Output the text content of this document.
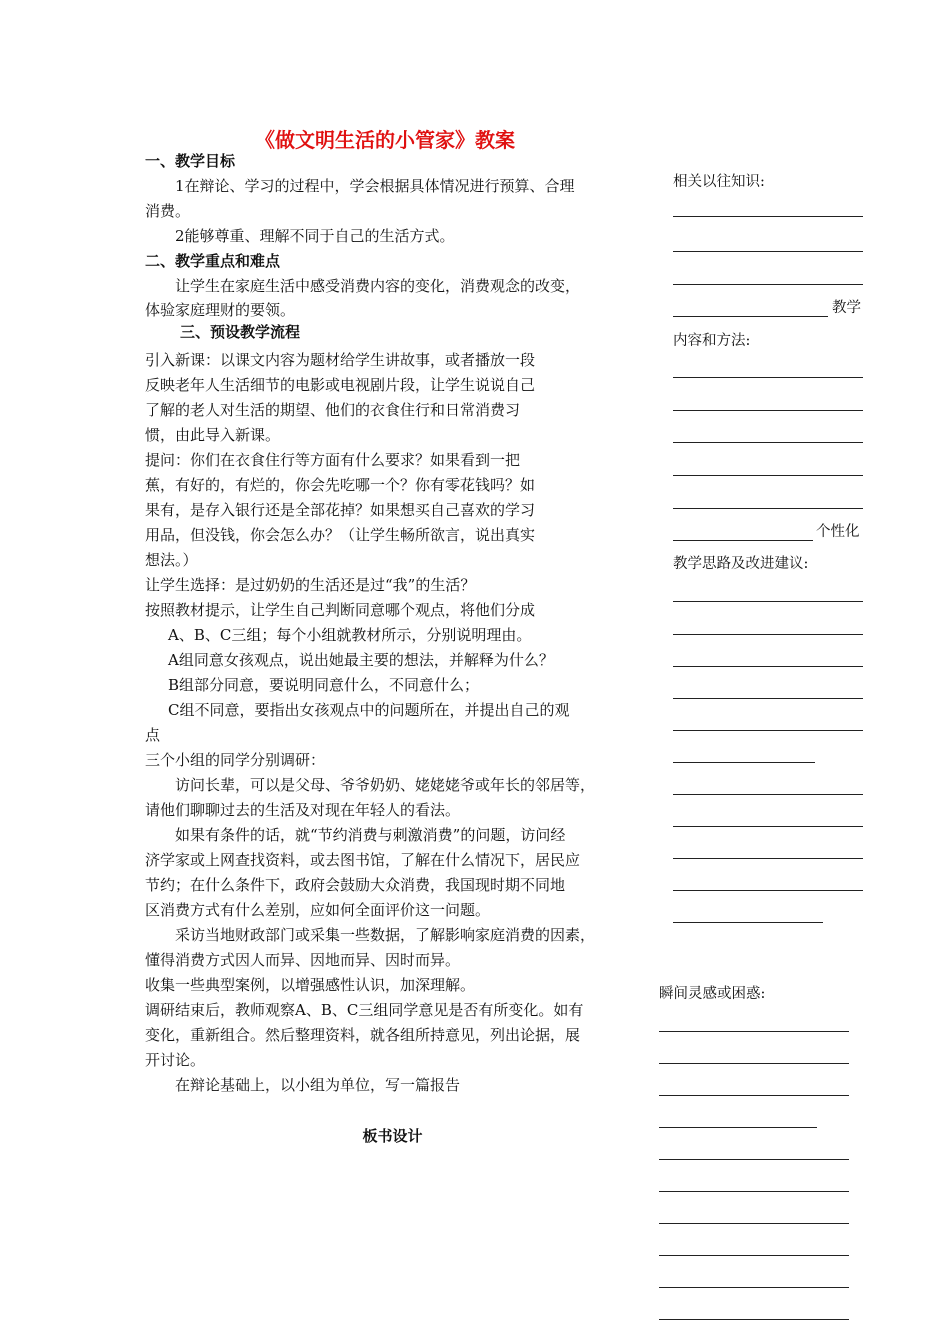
《做文明生活的小管家》教案
一、教学目标
1在辩论、学习的过程中，学会根据具体情况进行预算、合理
消费。
2能够尊重、理解不同于自己的生活方式。
二、教学重点和难点
让学生在家庭生活中感受消费内容的变化，消费观念的改变，
体验家庭理财的要领。
三、预设教学流程
引入新课：以课文内容为题材给学生讲故事，或者播放一段
反映老年人生活细节的电影或电视剧片段，让学生说说自己
了解的老人对生活的期望、他们的衣食住行和日常消费习
惯，由此导入新课。
提问：你们在衣食住行等方面有什么要求？如果看到一把
蕉，有好的，有烂的，你会先吃哪一个？你有零花钱吗？如
果有，是存入银行还是全部花掉？如果想买自己喜欢的学习
用品，但没钱，你会怎么办？（让学生畅所欲言，说出真实
想法。）
让学生选择：是过奶奶的生活还是过“我”的生活？
按照教材提示，让学生自己判断同意哪个观点，将他们分成
A、B、C三组；每个小组就教材所示，分别说明理由。
A组同意女孩观点，说出她最主要的想法，并解释为什么？
B组部分同意，要说明同意什么，不同意什么；
C组不同意，要指出女孩观点中的问题所在，并提出自己的观
点
三个小组的同学分别调研：
访问长辈，可以是父母、爷爷奶奶、姥姥姥爷或年长的邻居等，
请他们聊聊过去的生活及对现在年轻人的看法。
如果有条件的话，就“节约消费与刺激消费”的问题，访问经
济学家或上网查找资料，或去图书馆，了解在什么情况下，居民应
节约；在什么条件下，政府会鼓励大众消费，我国现时期不同地
区消费方式有什么差别，应如何全面评价这一问题。
采访当地财政部门或采集一些数据，了解影响家庭消费的因素，
懂得消费方式因人而异、因地而异、因时而异。
收集一些典型案例，以增强感性认识，加深理解。
调研结束后，教师观察A、B、C三组同学意见是否有所变化。如有
变化，重新组合。然后整理资料，就各组所持意见，列出论据，展
开讨论。
在辩论基础上，以小组为单位，写一篇报告
板书设计
相关以往知识:
教学
内容和方法:
个性化
教学思路及改进建议:
瞬间灵感或困惑:
